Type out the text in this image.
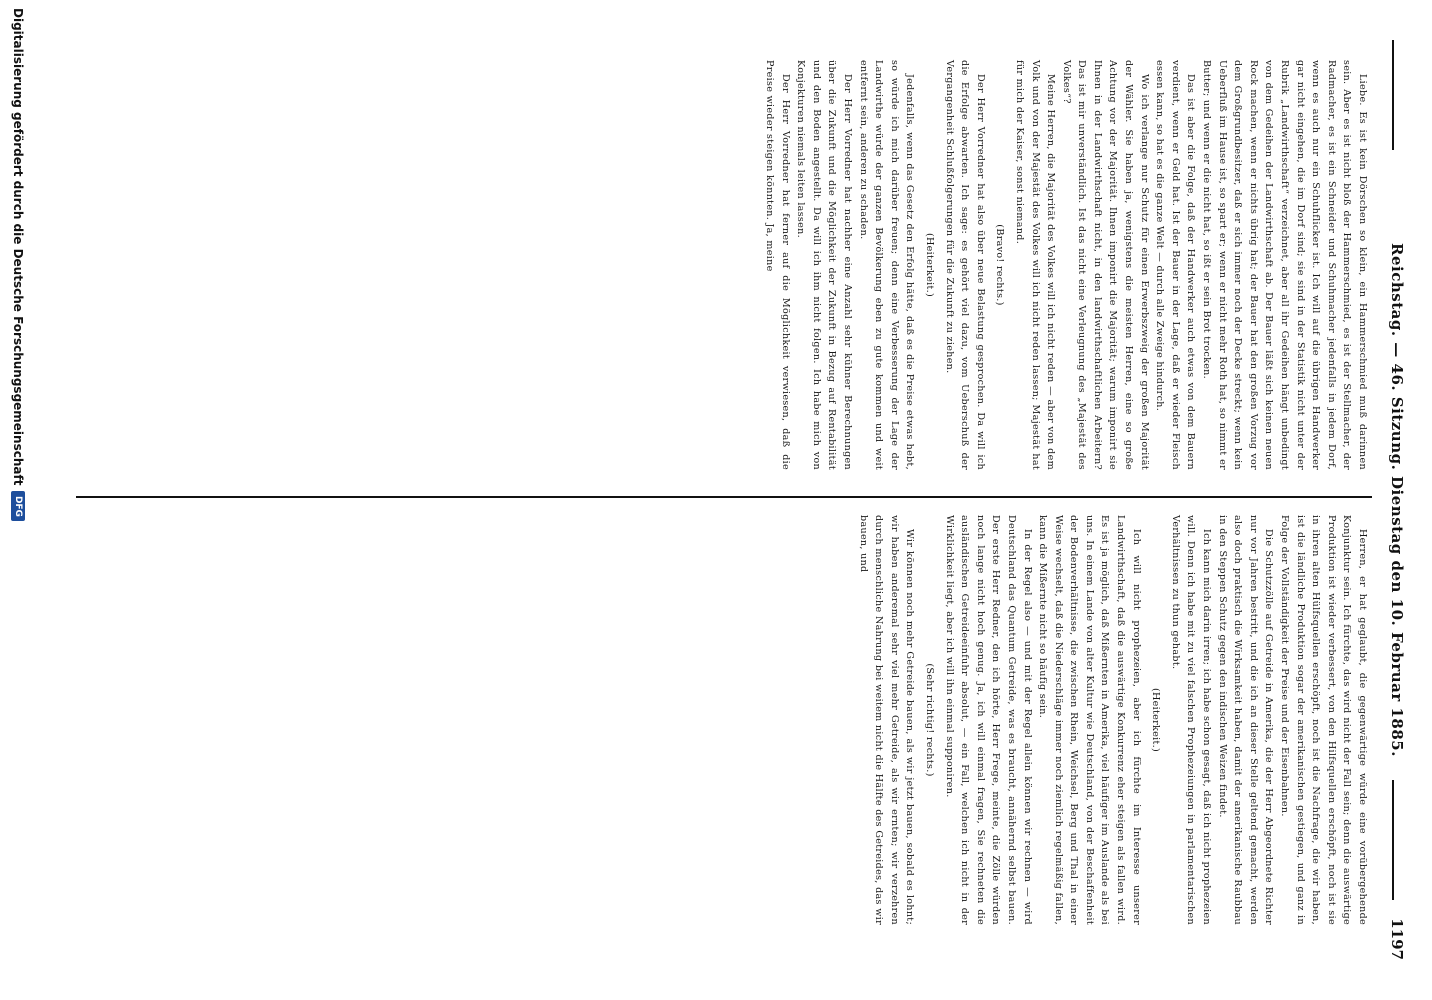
Reichstag. — 46. Sitzung. Dienstag den 10. Februar 1885.
1197

Liebe. Es ist kein Dörschen so klein, ein Hammerschmied muß darinnen sein. Aber es ist nicht bloß der Hammerschmied, es ist der Stellmacher, der Radmacher, es ist ein Schneider und Schuhmacher jedenfalls in jedem Dorf, wenn es auch nur ein Schuhflicker ist. Ich will auf die übrigen Handwerker gar nicht eingehen, die im Dorf sind; sie sind in der Statistik nicht unter der Rubrik „Landwirthschaft“ verzeichnet, aber all ihr Gedeihen hängt unbedingt von dem Gedeihen der Landwirthschaft ab. Der Bauer läßt sich keinen neuen Rock machen, wenn er nichts übrig hat; der Bauer hat den großen Vorzug vor dem Großgrundbesitzer, daß er sich immer noch der Decke streckt; wenn kein Ueberfluß im Hause ist, so spart er; wenn er nicht mehr Roth hat, so nimmt er Butter; und wenn er die nicht hat, so ißt er sein Brot trocken.

Das ist aber die Folge, daß der Handwerker auch etwas von dem Bauern verdient, wenn er Geld hat. Ist der Bauer in der Lage, daß er wieder Fleisch essen kann, so hat es die ganze Welt — durch alle Zweige hindurch.

Wo ich verlange nur Schutz für einen Erwerbszweig der großen Majorität der Wähler. Sie haben ja, wenigstens die meisten Herren, eine so große Achtung vor der Majorität. Ihnen imponirt die Majorität; warum imponirt sie Ihnen in der Landwirthschaft nicht, in den landwirthschaftlichen Arbeitern? Das ist mir unverständlich. Ist das nicht eine Verleugnung des „Majestät des Volkes“?

Meine Herren, die Majorität des Volkes will ich nicht reden — aber von dem Volk und von der Majestät des Volkes will ich nicht reden lassen; Majestät hat für mich der Kaiser, sonst niemand.

(Bravo! rechts.)

Der Herr Vorredner hat also über neue Belastung gesprochen. Da will ich die Erfolge abwarten. Ich sage: es gehört viel dazu, vom Ueberschuß der Vergangenheit Schlußfolgerungen für die Zukunft zu ziehen.

(Heiterkeit.)

Jedenfalls, wenn das Gesetz den Erfolg hätte, daß es die Preise etwas hebt, so würde ich mich darüber freuen; denn eine Verbesserung der Lage der Landwirthe würde der ganzen Bevölkerung eben zu gute kommen und weit entfernt sein, anderen zu schaden.

Der Herr Vorredner hat nachher eine Anzahl sehr kühner Berechnungen über die Zukunft und die Möglichkeit der Zukunft in Bezug auf Rentabilität und den Boden angestellt. Da will ich ihm nicht folgen. Ich habe mich von Konjekturen niemals leiten lassen.

Der Herr Vorredner hat ferner auf die Möglichkeit verwiesen, daß die Preise wieder steigen könnten. Ja, meine

Herren, er hat geglaubt, die gegenwärtige würde eine vorübergehende Konjunktur sein. Ich fürchte, das wird nicht der Fall sein; denn die auswärtige Produktion ist wieder verbessert, von den Hilfsquellen erschöpft, noch ist sie in ihren alten Hülfsquellen erschöpft, noch ist die Nachfrage, die wir haben, ist die ländliche Produktion sogar der amerikanischen gestiegen, und ganz in Folge der Vollständigkeit der Preise und der Eisenbahnen.

Die Schutzzölle auf Getreide in Amerika, die der Herr Abgeordnete Richter nur vor Jahren bestritt, und die ich an dieser Stelle geltend gemacht, werden also doch praktisch die Wirksamkeit haben, damit der amerikanische Raubbau in den Steppen Schutz gegen den indischen Weizen findet.

Ich kann mich darin irren; ich habe schon gesagt, daß ich nicht prophezeien will. Denn ich habe mit zu viel falschen Prophezeiungen in parlamentarischen Verhältnissen zu thun gehabt.

(Heiterkeit.)

Ich will nicht prophezeien, aber ich fürchte im Interesse unserer Landwirthschaft, daß die auswärtige Konkurrenz eher steigen als fallen wird. Es ist ja möglich, daß Mißernten in Amerika, viel häufiger im Auslande als bei uns. In einem Lande von alter Kultur wie Deutschland, von der Beschaffenheit der Bodenverhältnisse, die zwischen Rhein, Weichsel, Berg und Thal in einer Weise wechselt, daß die Niederschläge immer noch ziemlich regelmäßig fallen, kann die Mißernte nicht so häufig sein.

In der Regel also — und mit der Regel allein können wir rechnen — wird Deutschland das Quantum Getreide, was es braucht, annähernd selbst bauen. Der erste Herr Redner, den ich hörte, Herr Frege, meinte, die Zölle würden noch lange nicht hoch genug. Ja, ich will einmal fragen, Sie rechneten die ausländischen Getreideeinfuhr absolut, — ein Fall, welchen ich nicht in der Wirklichkeit liegt, aber ich will ihn einmal supponiren.

(Sehr richtig! rechts.)

Wir können noch mehr Getreide bauen, als wir jetzt bauen, sobald es lohnt; wir haben anderemal sehr viel mehr Getreide, als wir ernten; wir verzehren durch menschliche Nahrung bei weitem nicht die Hälfte des Getreides, das wir bauen, und

Digitalisierung gefördert durch die Deutsche Forschungsgemeinschaft
DFG
